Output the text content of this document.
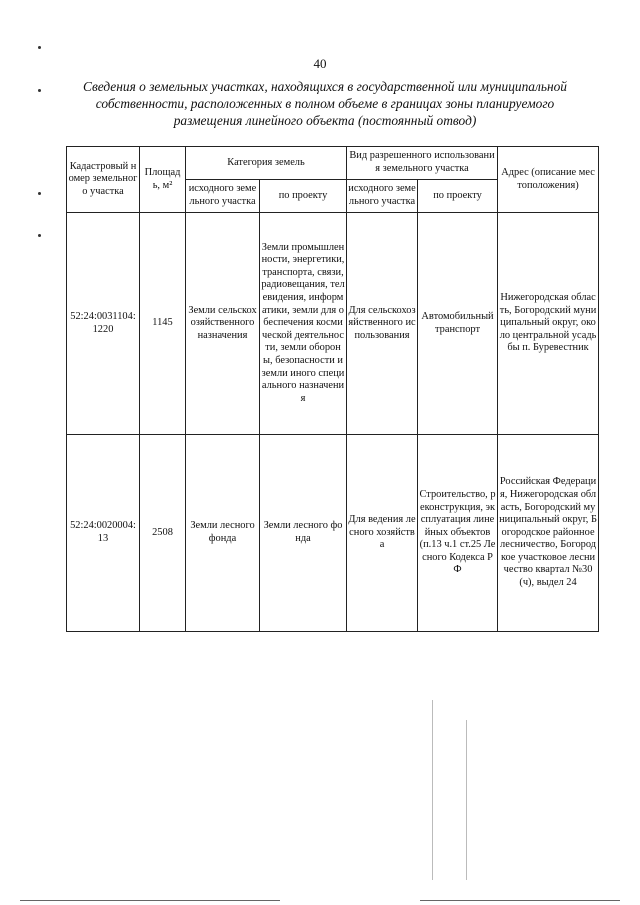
40
Сведения о земельных участках, находящихся в государственной или муниципальной собственности, расположенных в полном объеме в границах зоны планируемого размещения линейного объекта (постоянный отвод)
Кадастровый номер земельного участка	Площадь, м²	Категория земель		Вид разрешенного использования земельного участка		Адрес (описание местоположения)
		исходного земельного участка	по проекту	исходного земельного участка	по проекту	
52:24:0031104:1220	1145	Земли сельскохозяйственного назначения	Земли промышленности, энергетики, транспорта, связи, радиовещания, телевидения, информатики, земли для обеспечения космической деятельности, земли обороны, безопасности и земли иного специального назначения	Для сельскохозяйственного использования	Автомобильный транспорт	Нижегородская область, Богородский муниципальный округ, около центральной усадьбы п. Буревестник
52:24:0020004:13	2508	Земли лесного фонда	Земли лесного фонда	Для ведения лесного хозяйства	Строительство, реконструкция, эксплуатация линейных объектов (п.13 ч.1 ст.25 Лесного Кодекса РФ	Российская Федерация, Нижегородская область, Богородский муниципальный округ, Богородское районное лесничество, Богородкое участковое лесничество квартал №30(ч), выдел 24
